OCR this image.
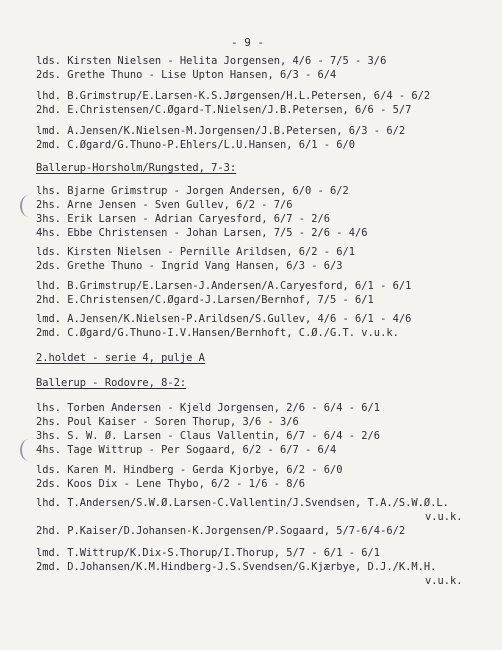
- 9 -
lds. Kirsten Nielsen - Helita Jorgensen, 4/6 - 7/5 - 3/6
2ds. Grethe Thuno - Lise Upton Hansen, 6/3 - 6/4
lhd. B.Grimstrup/E.Larsen-K.S.Jørgensen/H.L.Petersen, 6/4 - 6/2
2hd. E.Christensen/C.Øgard-T.Nielsen/J.B.Petersen, 6/6 - 5/7
lmd. A.Jensen/K.Nielsen-M.Jorgensen/J.B.Petersen, 6/3 - 6/2
2md. C.Øgard/G.Thuno-P.Ehlers/L.U.Hansen, 6/1 - 6/0
Ballerup-Horsholm/Rungsted, 7-3:
lhs. Bjarne Grimstrup - Jorgen Andersen, 6/0 - 6/2
2hs. Arne Jensen - Sven Gullev, 6/2 - 7/6
3hs. Erik Larsen - Adrian Caryesford, 6/7 - 2/6
4hs. Ebbe Christensen - Johan Larsen, 7/5 - 2/6 - 4/6
lds. Kirsten Nielsen - Pernille Arildsen, 6/2 - 6/1
2ds. Grethe Thuno - Ingrid Vang Hansen, 6/3 - 6/3
lhd. B.Grimstrup/E.Larsen-J.Andersen/A.Caryesford, 6/1 - 6/1
2hd. E.Christensen/C.Øgard-J.Larsen/Bernhof, 7/5 - 6/1
lmd. A.Jensen/K.Nielsen-P.Arildsen/S.Gullev, 4/6 - 6/1 - 4/6
2md. C.Øgard/G.Thuno-I.V.Hansen/Bernhoft, C.Ø./G.T. v.u.k.
2.holdet - serie 4, pulje A
Ballerup - Rodovre, 8-2:
lhs. Torben Andersen - Kjeld Jorgensen, 2/6 - 6/4 - 6/1
2hs. Poul Kaiser - Soren Thorup, 3/6 - 3/6
3hs. S. W. Ø. Larsen - Claus Vallentin, 6/7 - 6/4 - 2/6
4hs. Tage Wittrup - Per Sogaard, 6/2 - 6/7 - 6/4
lds. Karen M. Hindberg - Gerda Kjorbye, 6/2 - 6/0
2ds. Koos Dix - Lene Thybo, 6/2 - 1/6 - 8/6
lhd. T.Andersen/S.W.Ø.Larsen-C.Vallentin/J.Svendsen, T.A./S.W.Ø.L.
v.u.k.
2hd. P.Kaiser/D.Johansen-K.Jorgensen/P.Sogaard, 5/7-6/4-6/2
lmd. T.Wittrup/K.Dix-S.Thorup/I.Thorup, 5/7 - 6/1 - 6/1
2md. D.Johansen/K.M.Hindberg-J.S.Svendsen/G.Kjærbye, D.J./K.M.H.
v.u.k.
